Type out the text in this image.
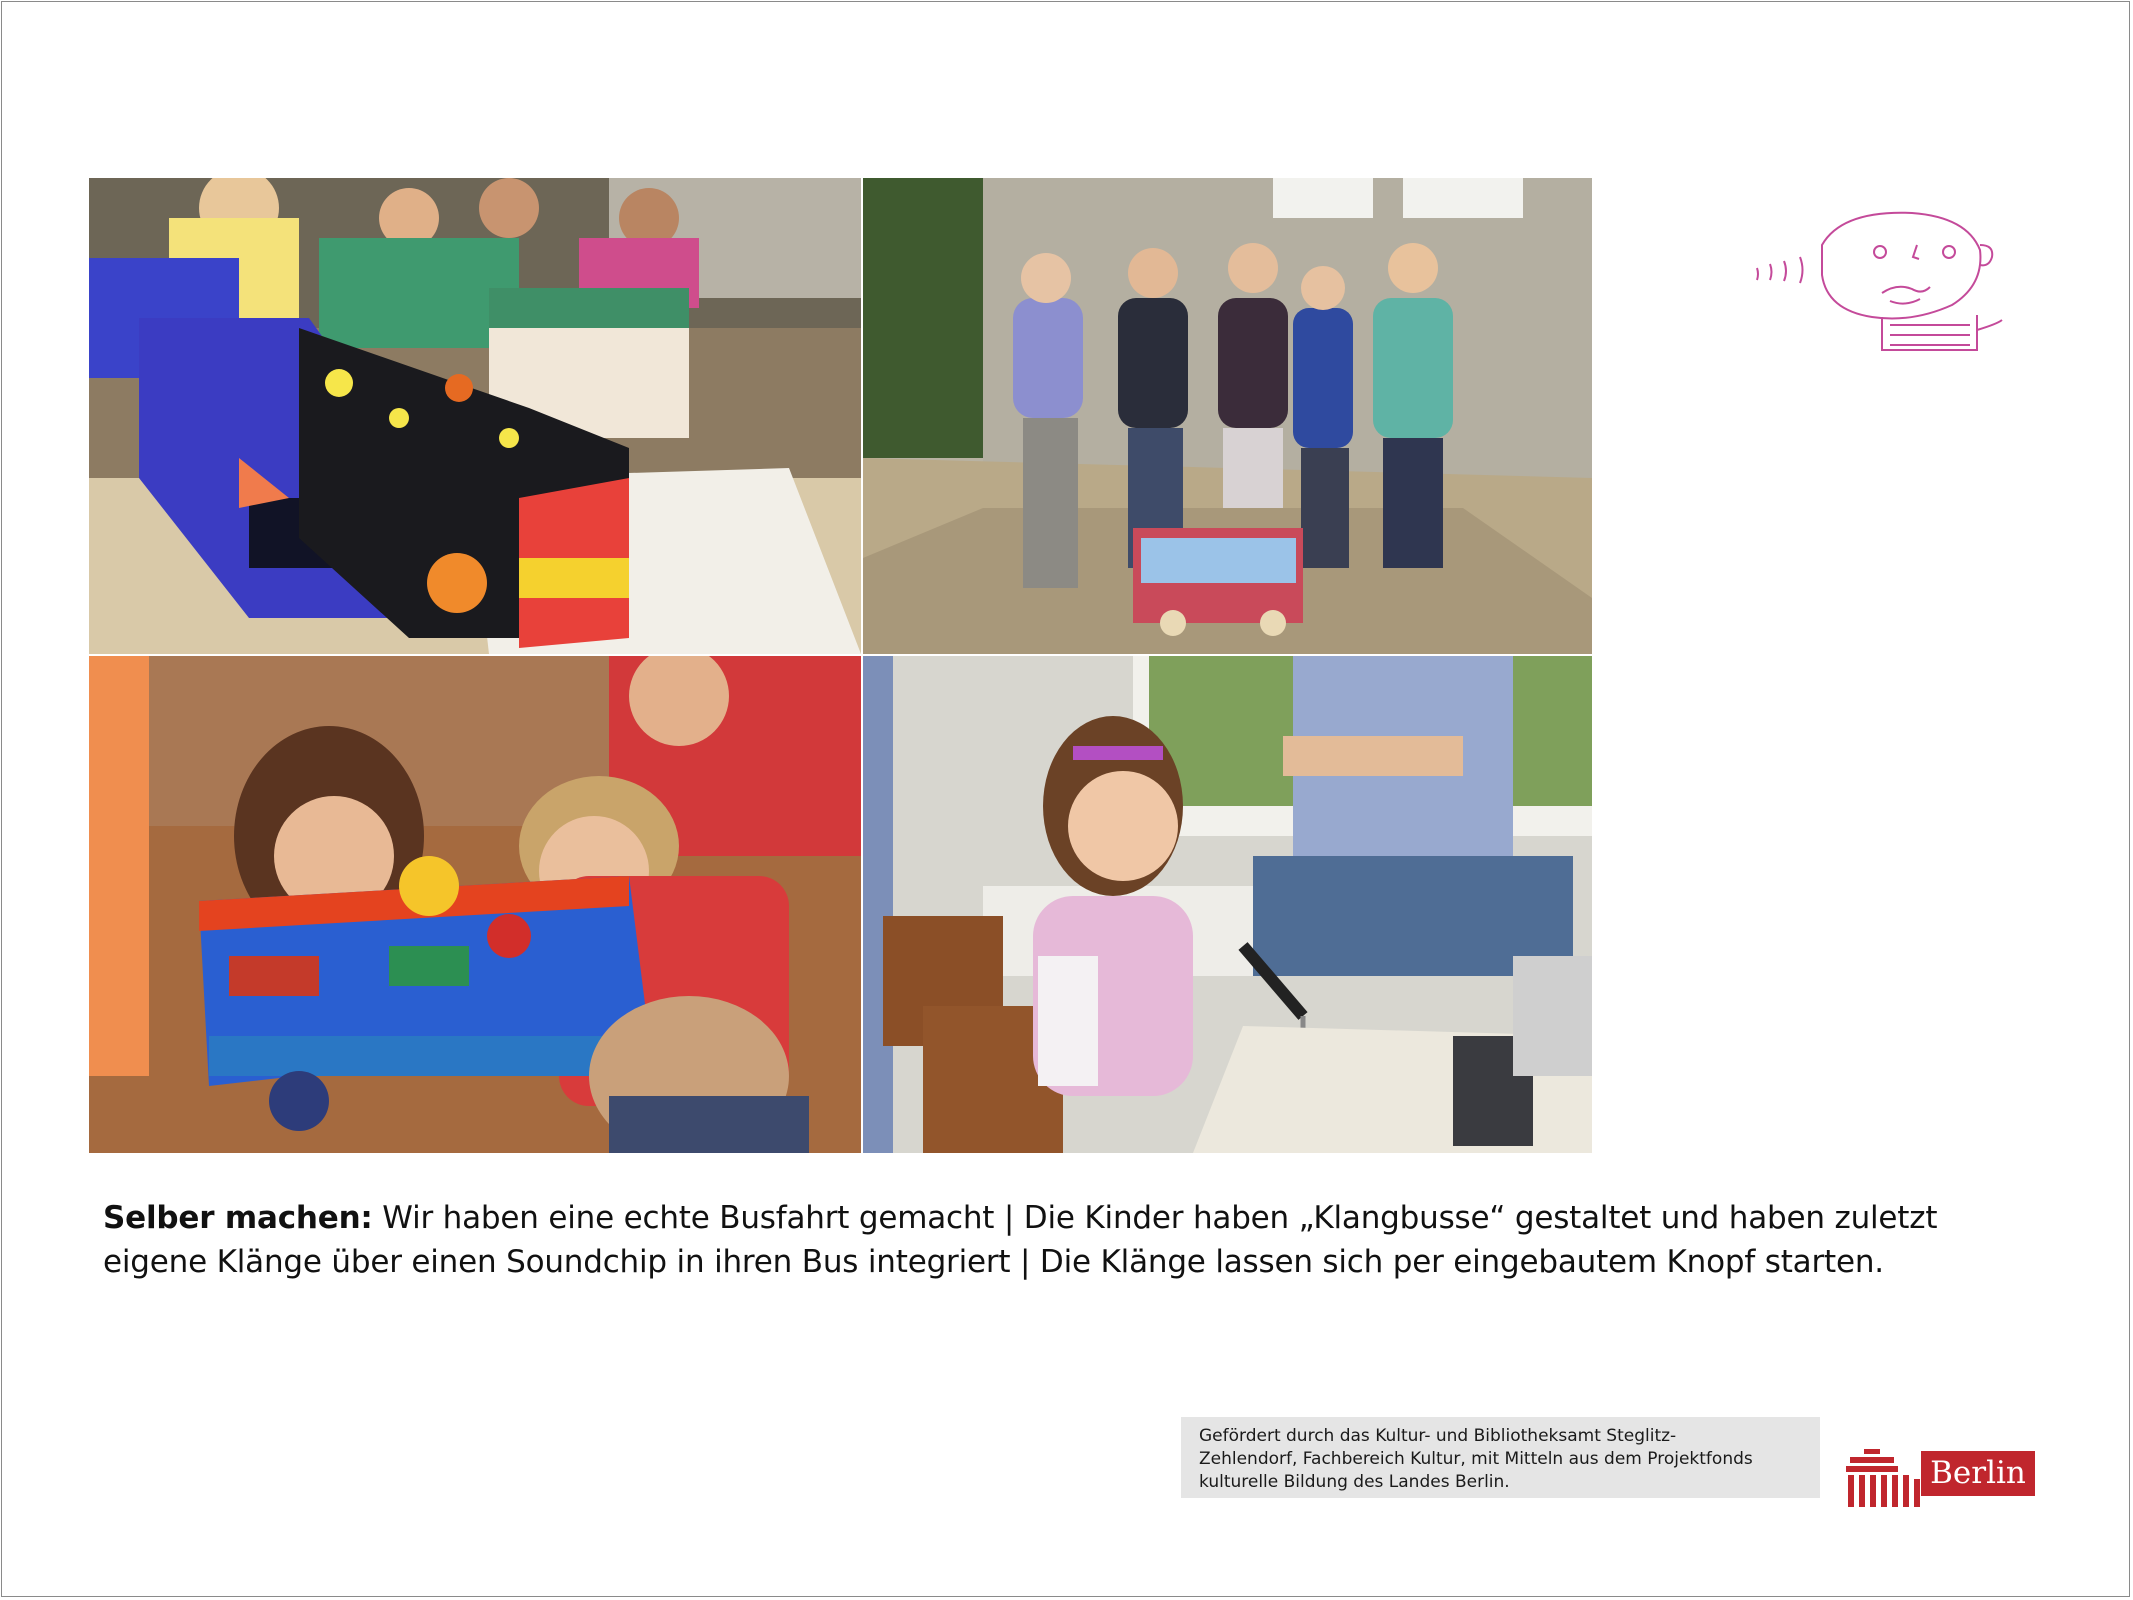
Selber machen: Wir haben eine echte Busfahrt gemacht | Die Kinder haben „Klangbusse“ gestaltet und haben zuletzt eigene Klänge über einen Soundchip in ihren Bus integriert | Die Klänge lassen sich per eingebautem Knopf starten.
Gefördert durch das Kultur- und Bibliotheksamt Steglitz-
Zehlendorf, Fachbereich Kultur, mit Mitteln aus dem Projektfonds
kulturelle Bildung des Landes Berlin.	Berlin
